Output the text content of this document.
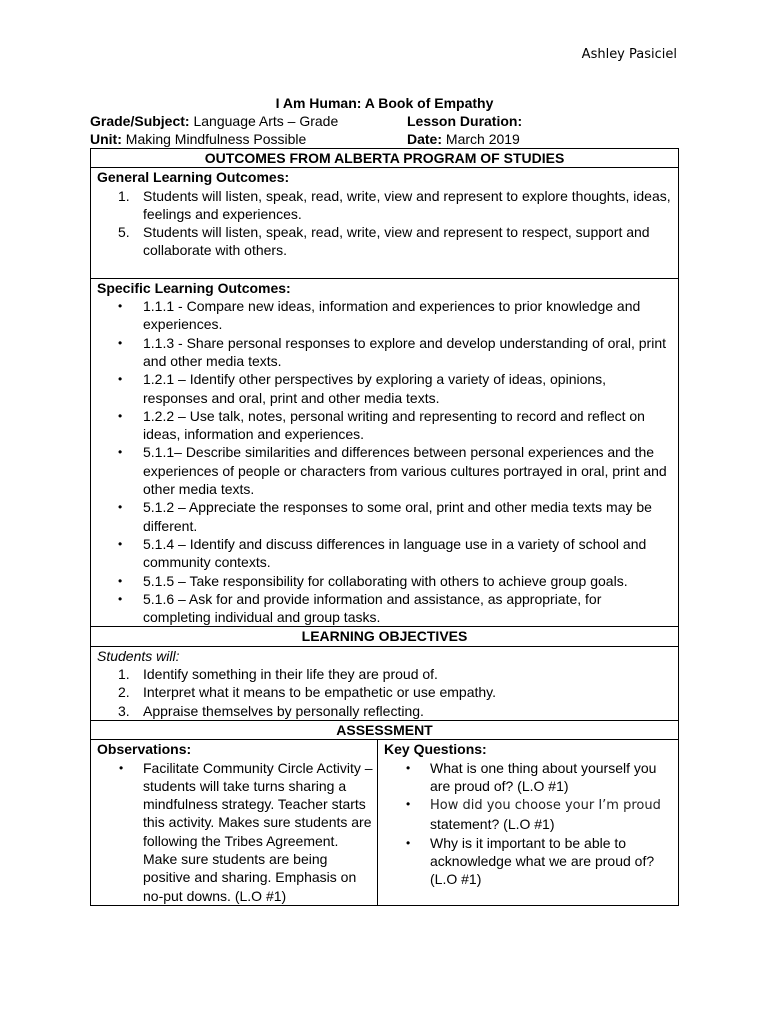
Ashley Pasiciel
I Am Human: A Book of Empathy
Grade/Subject: Language Arts – Grade	Lesson Duration:
Unit: Making Mindfulness Possible	Date: March 2019
OUTCOMES FROM ALBERTA PROGRAM OF STUDIES

General Learning Outcomes:
1. Students will listen, speak, read, write, view and represent to explore thoughts, ideas, feelings and experiences.
5. Students will listen, speak, read, write, view and represent to respect, support and collaborate with others.

Specific Learning Outcomes:
• 1.1.1 - Compare new ideas, information and experiences to prior knowledge and experiences.
• 1.1.3 - Share personal responses to explore and develop understanding of oral, print and other media texts.
• 1.2.1 – Identify other perspectives by exploring a variety of ideas, opinions, responses and oral, print and other media texts.
• 1.2.2 – Use talk, notes, personal writing and representing to record and reflect on ideas, information and experiences.
• 5.1.1– Describe similarities and differences between personal experiences and the experiences of people or characters from various cultures portrayed in oral, print and other media texts.
• 5.1.2 – Appreciate the responses to some oral, print and other media texts may be different.
• 5.1.4 – Identify and discuss differences in language use in a variety of school and community contexts.
• 5.1.5 – Take responsibility for collaborating with others to achieve group goals.
• 5.1.6 – Ask for and provide information and assistance, as appropriate, for completing individual and group tasks.

LEARNING OBJECTIVES

Students will:
1. Identify something in their life they are proud of.
2. Interpret what it means to be empathetic or use empathy.
3. Appraise themselves by personally reflecting.

ASSESSMENT

Observations:
• Facilitate Community Circle Activity – students will take turns sharing a mindfulness strategy. Teacher starts this activity. Makes sure students are following the Tribes Agreement. Make sure students are being positive and sharing. Emphasis on no-put downs. (L.O #1)

Key Questions:
• What is one thing about yourself you are proud of? (L.O #1)
• How did you choose your I’m proud
statement? (L.O #1)
• Why is it important to be able to acknowledge what we are proud of? (L.O #1)
